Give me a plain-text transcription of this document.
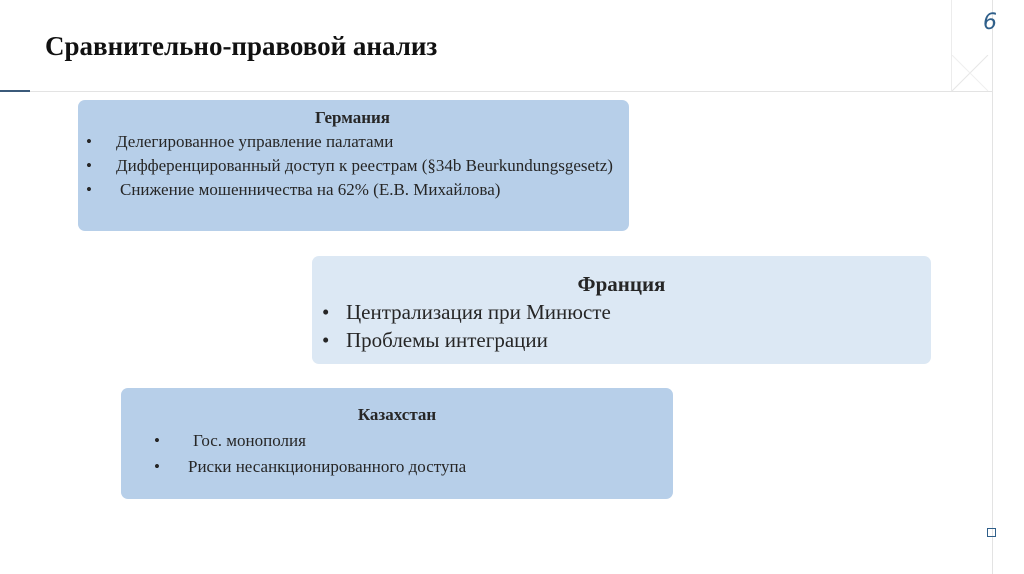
6
Сравнительно-правовой анализ
Германия
• Делегированное управление палатами
• Дифференцированный доступ к реестрам (§34b Beurkundungsgesetz)
• Снижение мошенничества на 62% (Е.В. Михайлова)
Франция
• Централизация при Минюсте
• Проблемы интеграции
Казахстан
• Гос. монополия
• Риски несанкционированного доступа
